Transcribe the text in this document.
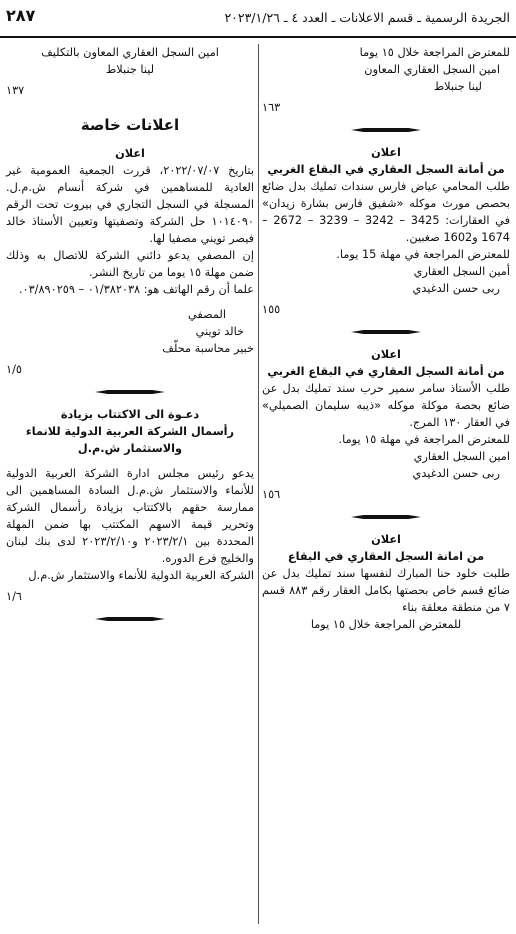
الجريدة الرسمية ـ قسم الاعلانات ـ العدد ٤ ـ ٢٠٢٣/١/٢٦
٢٨٧

للمعترض المراجعة خلال ١٥ يوما

امين السجل العقاري المعاون

لينا جنبلاط

١٦٣

اعلان

من أمانة السجل العقاري في البقاع الغربي

طلب المحامي عياض فارس سندات تمليك بدل ضائع بحصص مورث موكله «شفيق فارس بشارة زيدان» في العقارات: 3425 – 3242 – 3239 – 2672 – 1674 و1602 صغبين.

للمعترض المراجعة في مهلة 15 يوما.

أمين السجل العقاري

ربى حسن الدغيدي

١٥٥

اعلان

من أمانة السجل العقاري في البقاع الغربي

طلب الأستاذ سامر سمير حرب سند تمليك بدل عن ضائع بحصة موكلة موكله «ذيبه سليمان الصميلي» في العقار ١٣٠ المرج.

للمعترض المراجعة في مهلة ١٥ يوما.

امين السجل العقاري

ربى حسن الدغيدي

١٥٦

اعلان

من امانة السجل العقاري في البقاع

طلبت خلود حنا المبارك لنفسها سند تمليك بدل عن ضائع قسم خاص بحصتها بكامل العقار رقم ٨٨٣ قسم ٧ من منطقة معلقة بناء

للمعترض المراجعة خلال ١٥ يوما

امين السجل العقاري المعاون بالتكليف

لينا جنبلاط

١٣٧

اعلانات خاصة

اعلان

بتاريخ ٢٠٢٢/٠٧/٠٧، قررت الجمعية العمومية غير العادية للمساهمين في شركة أنسام ش.م.ل. المسجلة في السجل التجاري في بيروت تحت الرقم ١٠١٤٠٩٠ حل الشركة وتصفيتها وتعيين الأستاذ خالد فيصر تويني مصفيا لها.

إن المصفي يدعو دائني الشركة للاتصال به وذلك ضمن مهلة ١٥ يوما من تاريخ النشر.

علما أن رقم الهاتف هو: ٠١/٣٨٢٠٣٨ – ٠٣/٨٩٠٢٥٩.

المصفي

خالد تويني

خبير محاسبة محلّف

١/٥

دعـوة الى الاكتتاب بزيادة

رأسمال الشركة العربية الدولية للانماء

والاستثمار ش.م.ل

يدعو رئيس مجلس ادارة الشركة العربية الدولية للأنماء والاستثمار ش.م.ل السادة المساهمين الى ممارسة حقهم بالاكتتاب بزيادة رأسمال الشركة وتحرير قيمة الاسهم المكتتب بها ضمن المهلة المحددة بين ٢٠٢٣/٢/١ و٢٠٢٣/٢/١٠ لدى بنك لبنان والخليج فرع الدوره.

الشركة العربية الدولية للأنماء والاستثمار ش.م.ل

١/٦
